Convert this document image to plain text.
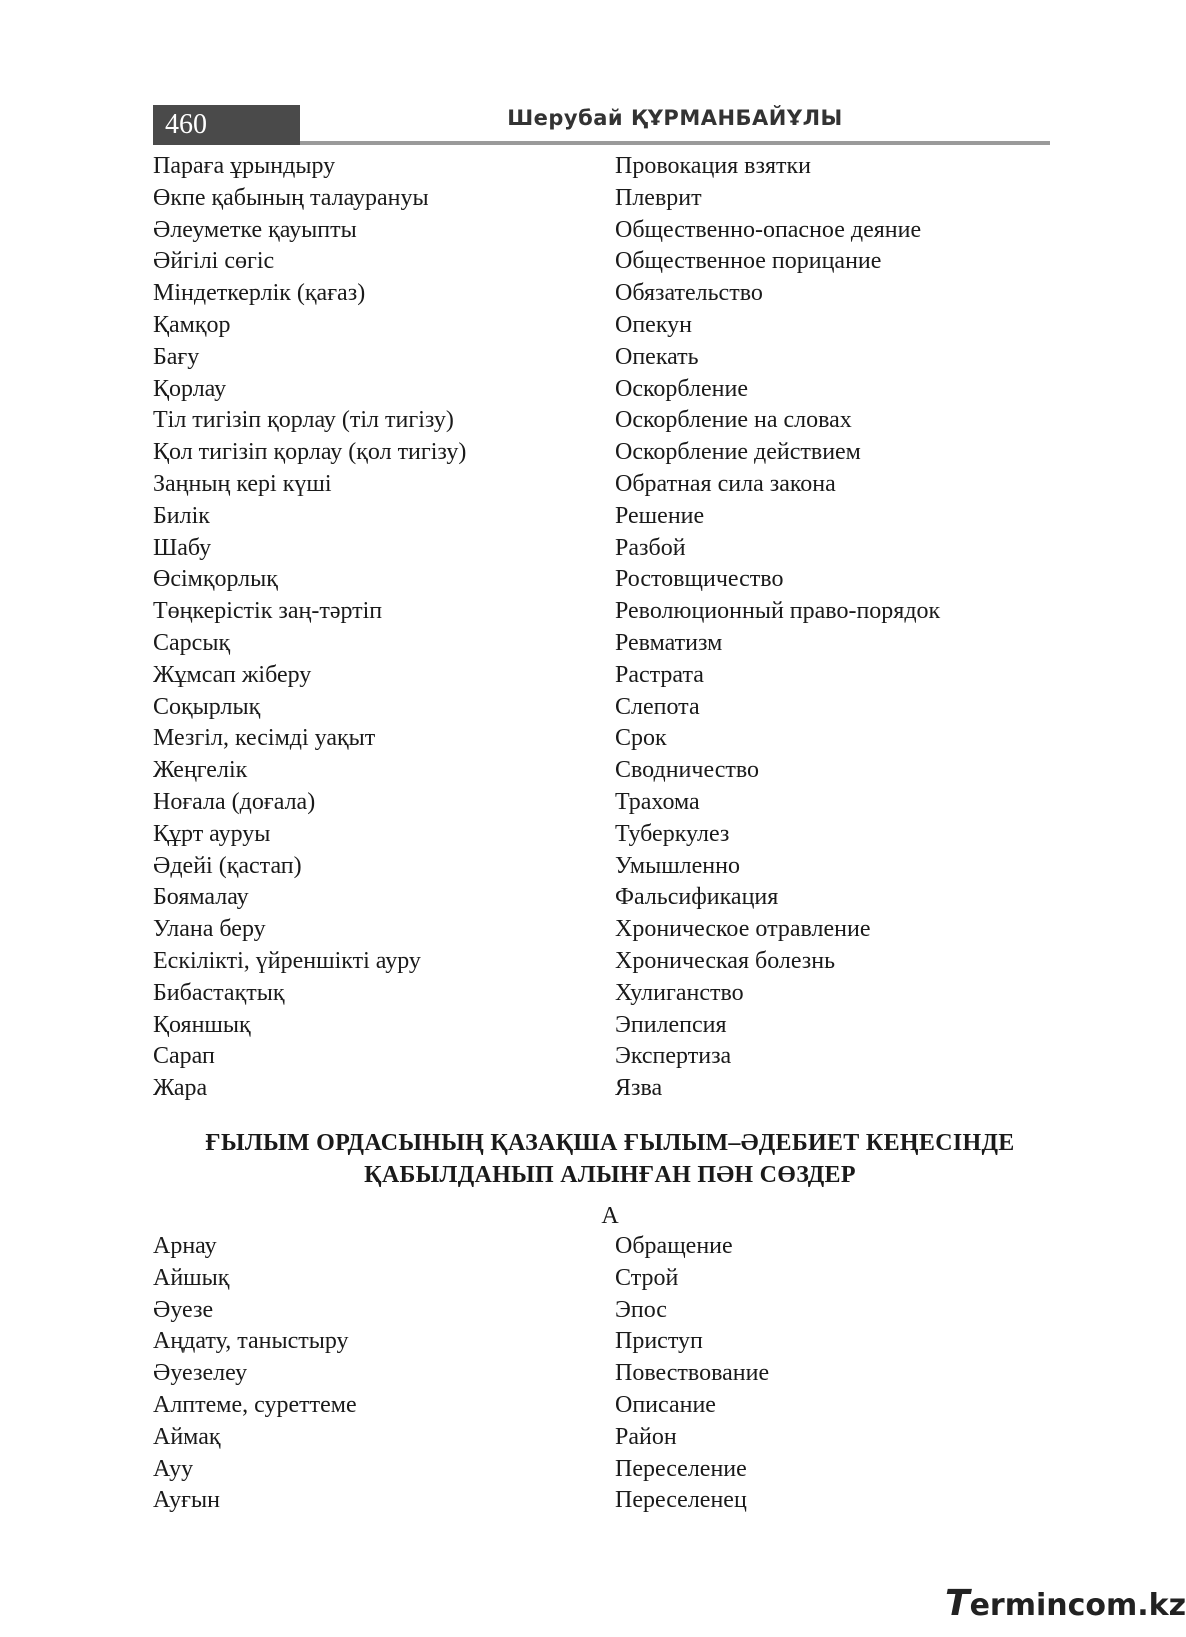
460	Шерубай ҚҰРМАНБАЙҰЛЫ
Параға ұрындыру	Провокация взятки
Өкпе қабының талаурануы	Плеврит
Әлеуметке қауыпты	Общественно-опасное деяние
Әйгілі сөгіс	Общественное порицание
Міндеткерлік (қағаз)	Обязательство
Қамқор	Опекун
Бағу	Опекать
Қорлау	Оскорбление
Тіл тигізіп қорлау (тіл тигізу)	Оскорбление на словах
Қол тигізіп қорлау (қол тигізу)	Оскорбление действием
Заңның кері күші	Обратная сила закона
Билік	Решение
Шабу	Разбой
Өсімқорлық	Ростовщичество
Төңкерістік заң-тәртіп	Революционный право-порядок
Сарсық	Ревматизм
Жұмсап жіберу	Растрата
Соқырлық	Слепота
Мезгіл, кесімді уақыт	Срок
Жеңгелік	Сводничество
Ноғала (доғала)	Трахома
Құрт ауруы	Туберкулез
Әдейі (қастап)	Умышленно
Боямалау	Фальсификация
Улана беру	Хроническое отравление
Ескілікті, үйреншікті ауру	Хроническая болезнь
Бибастақтық	Хулиганство
Қояншық	Эпилепсия
Сарап	Экспертиза
Жара	Язва
ҒЫЛЫМ ОРДАСЫНЫҢ ҚАЗАҚША ҒЫЛЫМ–ӘДЕБИЕТ КЕҢЕСІНДЕ
ҚАБЫЛДАНЫП АЛЫНҒАН ПӘН СӨЗДЕР
А
Арнау	Обращение
Айшық	Строй
Әуезе	Эпос
Аңдату, таныстыру	Приступ
Әуезелеу	Повествование
Алптеме, суреттеме	Описание
Аймақ	Район
Ауу	Переселение
Ауғын	Переселенец
Termincom.kz
